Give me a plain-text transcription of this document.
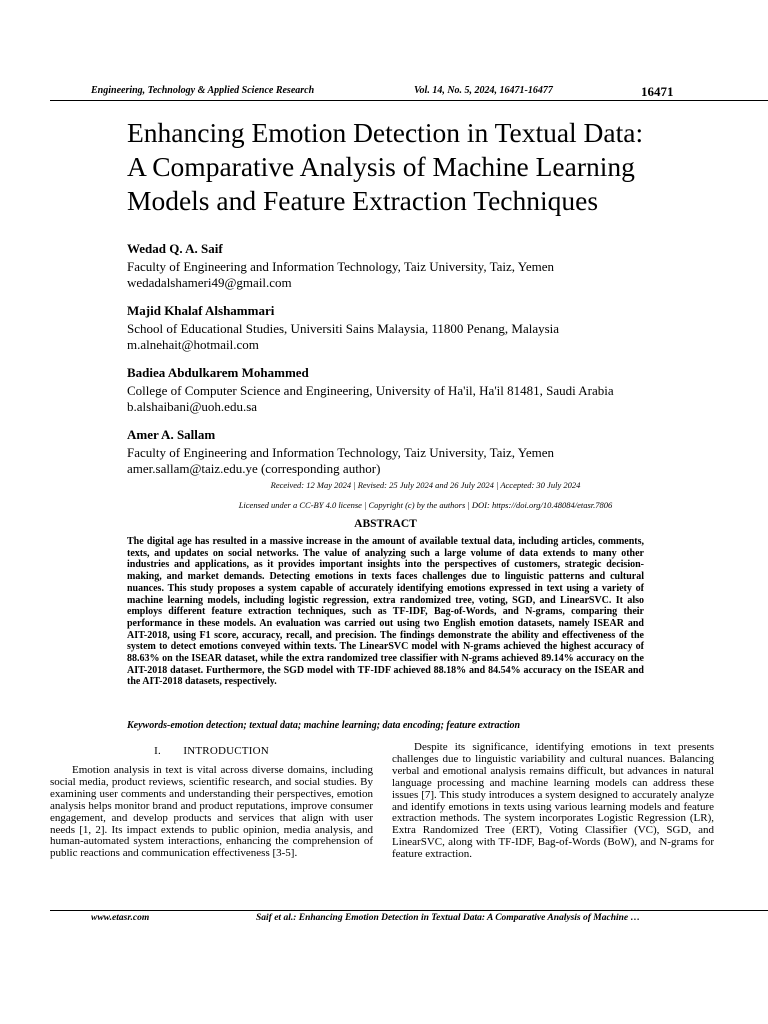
Engineering, Technology & Applied Science Research	Vol. 14, No. 5, 2024, 16471-16477	16471
Enhancing Emotion Detection in Textual Data:
A Comparative Analysis of Machine Learning
Models and Feature Extraction Techniques
Wedad Q. A. Saif
Faculty of Engineering and Information Technology, Taiz University, Taiz, Yemen
wedadalshameri49@gmail.com
Majid Khalaf Alshammari
School of Educational Studies, Universiti Sains Malaysia, 11800 Penang, Malaysia
m.alnehait@hotmail.com
Badiea Abdulkarem Mohammed
College of Computer Science and Engineering, University of Ha'il, Ha'il 81481, Saudi Arabia
b.alshaibani@uoh.edu.sa
Amer A. Sallam
Faculty of Engineering and Information Technology, Taiz University, Taiz, Yemen
amer.sallam@taiz.edu.ye (corresponding author)
Received: 12 May 2024 | Revised: 25 July 2024 and 26 July 2024 | Accepted: 30 July 2024
Licensed under a CC-BY 4.0 license | Copyright (c) by the authors | DOI: https://doi.org/10.48084/etasr.7806
ABSTRACT
The digital age has resulted in a massive increase in the amount of available textual data, including articles, comments, texts, and updates on social networks. The value of analyzing such a large volume of data extends to many other industries and applications, as it provides important insights into the perspectives of customers, strategic decision-making, and market demands. Detecting emotions in texts faces challenges due to linguistic patterns and cultural nuances. This study proposes a system capable of accurately identifying emotions expressed in text using a variety of machine learning models, including logistic regression, extra randomized tree, voting, SGD, and LinearSVC. It also employs different feature extraction techniques, such as TF-IDF, Bag-of-Words, and N-grams, comparing their performance in these models. An evaluation was carried out using two English emotion datasets, namely ISEAR and AIT-2018, using F1 score, accuracy, recall, and precision. The findings demonstrate the ability and effectiveness of the system to detect emotions conveyed within texts. The LinearSVC model with N-grams achieved the highest accuracy of 88.63% on the ISEAR dataset, while the extra randomized tree classifier with N-grams achieved 89.14% accuracy on the AIT-2018 dataset. Furthermore, the SGD model with TF-IDF achieved 88.18% and 84.54% accuracy on the ISEAR and the AIT-2018 datasets, respectively.
Keywords-emotion detection; textual data; machine learning; data encoding; feature extraction
I.  INTRODUCTION
Emotion analysis in text is vital across diverse domains, including social media, product reviews, scientific research, and social studies. By examining user comments and understanding their perspectives, emotion analysis helps monitor brand and product reputations, improve consumer engagement, and develop products and services that align with user needs [1, 2]. Its impact extends to public opinion, media analysis, and human-automated system interactions, enhancing the comprehension of public reactions and communication effectiveness [3-5].
Despite its significance, identifying emotions in text presents challenges due to linguistic variability and cultural nuances. Balancing verbal and emotional analysis remains difficult, but advances in natural language processing and machine learning models can address these issues [7]. This study introduces a system designed to accurately analyze and identify emotions in texts using various learning models and feature extraction methods. The system incorporates Logistic Regression (LR), Extra Randomized Tree (ERT), Voting Classifier (VC), SGD, and LinearSVC, along with TF-IDF, Bag-of-Words (BoW), and N-grams for feature extraction.
www.etasr.com	Saif et al.: Enhancing Emotion Detection in Textual Data: A Comparative Analysis of Machine …
